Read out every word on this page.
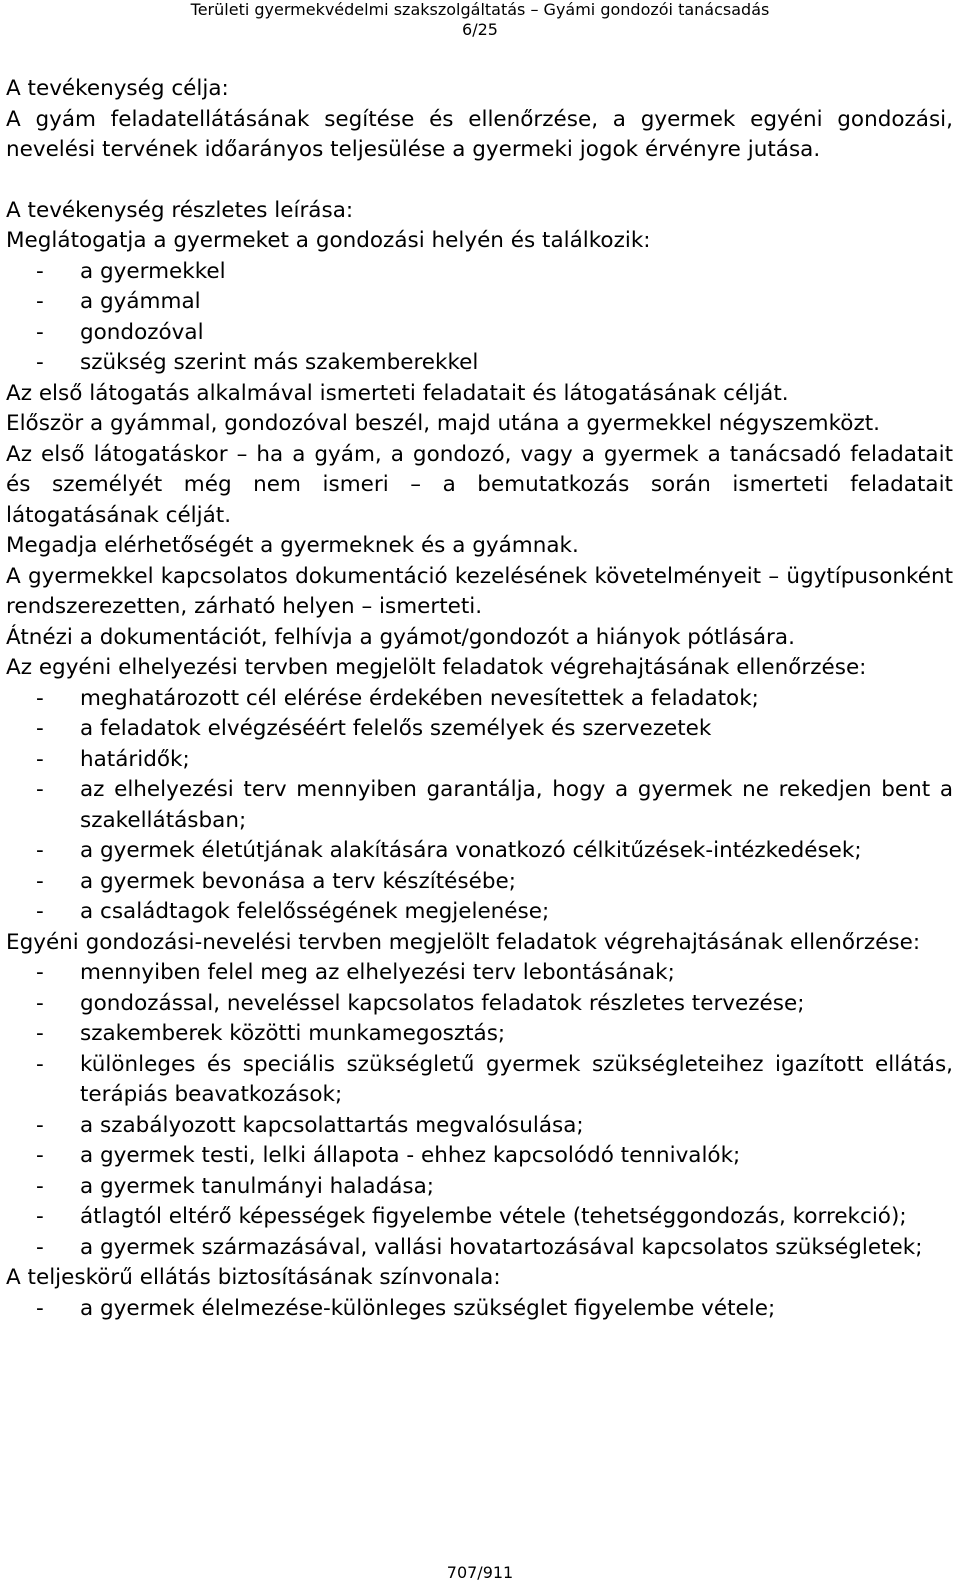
Területi gyermekvédelmi szakszolgáltatás – Gyámi gondozói tanácsadás
6/25
A tevékenység célja:
A gyám feladatellátásának segítése és ellenőrzése, a gyermek egyéni gondozási, nevelési tervének időarányos teljesülése a gyermeki jogok érvényre jutása.
A tevékenység részletes leírása:
Meglátogatja a gyermeket a gondozási helyén és találkozik:
-	a gyermekkel
-	a gyámmal
-	gondozóval
-	szükség szerint más szakemberekkel
Az első látogatás alkalmával ismerteti feladatait és látogatásának célját.
Először a gyámmal, gondozóval beszél, majd utána a gyermekkel négyszemközt.
Az első látogatáskor – ha a gyám, a gondozó, vagy a gyermek a tanácsadó feladatait és személyét még nem ismeri – a bemutatkozás során ismerteti feladatait látogatásának célját.
Megadja elérhetőségét a gyermeknek és a gyámnak.
A gyermekkel kapcsolatos dokumentáció kezelésének követelményeit – ügytípusonként rendszerezetten, zárható helyen – ismerteti.
Átnézi a dokumentációt, felhívja a gyámot/gondozót a hiányok pótlására.
Az egyéni elhelyezési tervben megjelölt feladatok végrehajtásának ellenőrzése:
-	meghatározott cél elérése érdekében nevesítettek a feladatok;
-	a feladatok elvégzéséért felelős személyek és szervezetek
-	határidők;
-	az elhelyezési terv mennyiben garantálja, hogy a gyermek ne rekedjen bent a szakellátásban;
-	a gyermek életútjának alakítására vonatkozó célkitűzések-intézkedések;
-	a gyermek bevonása a terv készítésébe;
-	a családtagok felelősségének megjelenése;
Egyéni gondozási-nevelési tervben megjelölt feladatok végrehajtásának ellenőrzése:
-	mennyiben felel meg az elhelyezési terv lebontásának;
-	gondozással, neveléssel kapcsolatos feladatok részletes tervezése;
-	szakemberek közötti munkamegosztás;
-	különleges és speciális szükségletű gyermek szükségleteihez igazított ellátás, terápiás beavatkozások;
-	a szabályozott kapcsolattartás megvalósulása;
-	a gyermek testi, lelki állapota - ehhez kapcsolódó tennivalók;
-	a gyermek tanulmányi haladása;
-	átlagtól eltérő képességek figyelembe vétele (tehetséggondozás, korrekció);
-	a gyermek származásával, vallási hovatartozásával kapcsolatos szükségletek;
A teljeskörű ellátás biztosításának színvonala:
-	a gyermek élelmezése-különleges szükséglet figyelembe vétele;
707/911
